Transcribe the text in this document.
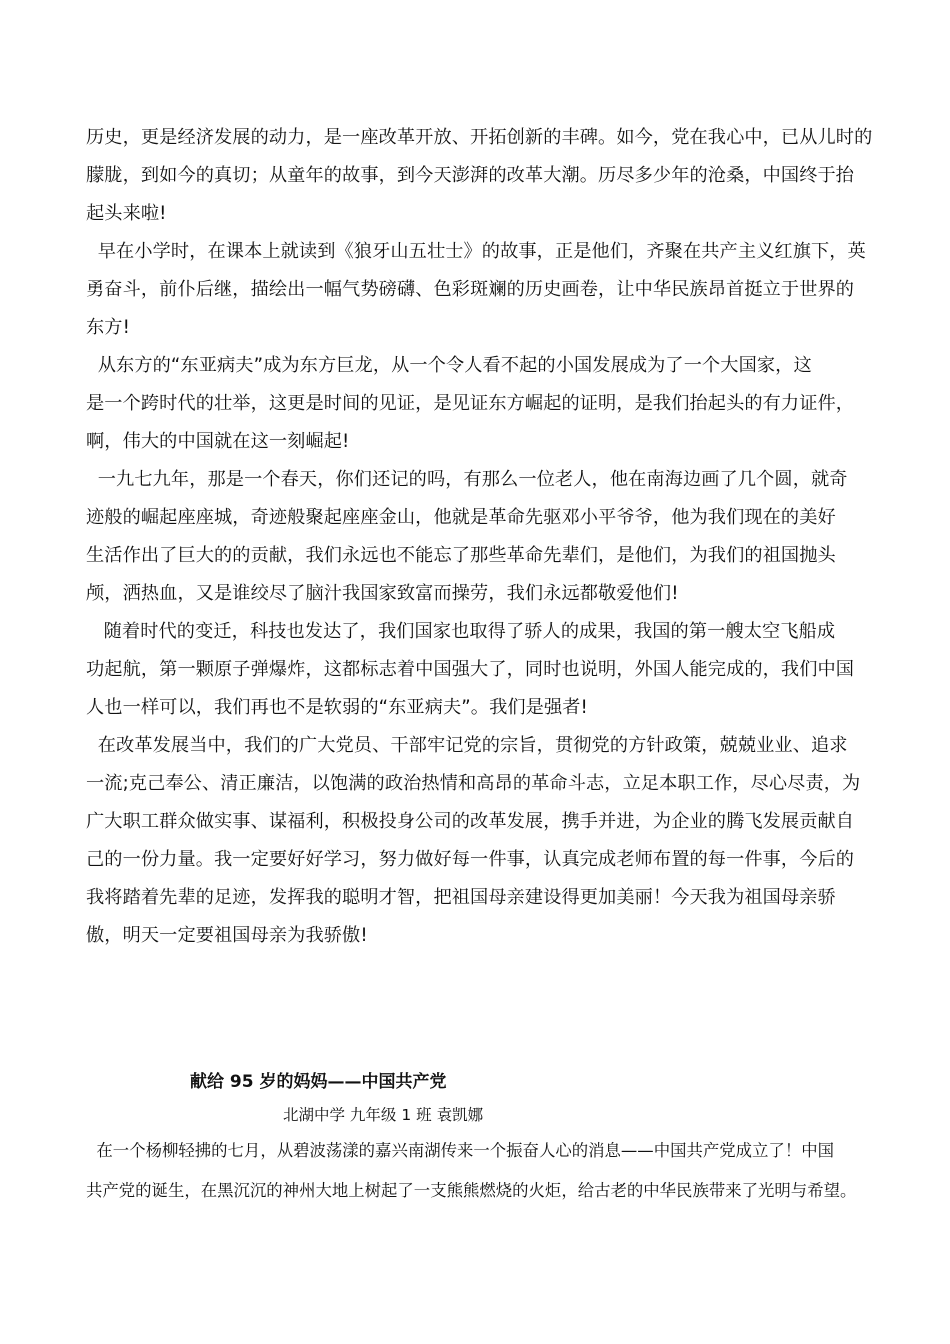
历史，更是经济发展的动力，是一座改革开放、开拓创新的丰碑。如今，党在我心中，已从儿时的
朦胧，到如今的真切；从童年的故事，到今天澎湃的改革大潮。历尽多少年的沧桑，中国终于抬
起头来啦!
早在小学时，在课本上就读到《狼牙山五壮士》的故事，正是他们，齐聚在共产主义红旗下，英
勇奋斗，前仆后继，描绘出一幅气势磅礴、色彩斑斓的历史画卷，让中华民族昂首挺立于世界的
东方!
从东方的“东亚病夫”成为东方巨龙，从一个令人看不起的小国发展成为了一个大国家，这
是一个跨时代的壮举，这更是时间的见证，是见证东方崛起的证明，是我们抬起头的有力证件，
啊，伟大的中国就在这一刻崛起!
一九七九年，那是一个春天，你们还记的吗，有那么一位老人，他在南海边画了几个圆，就奇
迹般的崛起座座城，奇迹般聚起座座金山，他就是革命先驱邓小平爷爷，他为我们现在的美好
生活作出了巨大的的贡献，我们永远也不能忘了那些革命先辈们，是他们，为我们的祖国抛头
颅，洒热血，又是谁绞尽了脑汁我国家致富而操劳，我们永远都敬爱他们!
随着时代的变迁，科技也发达了，我们国家也取得了骄人的成果，我国的第一艘太空飞船成
功起航，第一颗原子弹爆炸，这都标志着中国强大了，同时也说明，外国人能完成的，我们中国
人也一样可以，我们再也不是软弱的“东亚病夫”。我们是强者!
在改革发展当中，我们的广大党员、干部牢记党的宗旨，贯彻党的方针政策，兢兢业业、追求
一流;克己奉公、清正廉洁，以饱满的政治热情和高昂的革命斗志，立足本职工作，尽心尽责，为
广大职工群众做实事、谋福利，积极投身公司的改革发展，携手并进，为企业的腾飞发展贡献自
己的一份力量。我一定要好好学习，努力做好每一件事，认真完成老师布置的每一件事，今后的
我将踏着先辈的足迹，发挥我的聪明才智，把祖国母亲建设得更加美丽！今天我为祖国母亲骄
傲，明天一定要祖国母亲为我骄傲!
献给 95 岁的妈妈——中国共产党
北湖中学 九年级 1 班 袁凯娜
在一个杨柳轻拂的七月，从碧波荡漾的嘉兴南湖传来一个振奋人心的消息——中国共产党成立了！中国
共产党的诞生，在黑沉沉的神州大地上树起了一支熊熊燃烧的火炬，给古老的中华民族带来了光明与希望。
